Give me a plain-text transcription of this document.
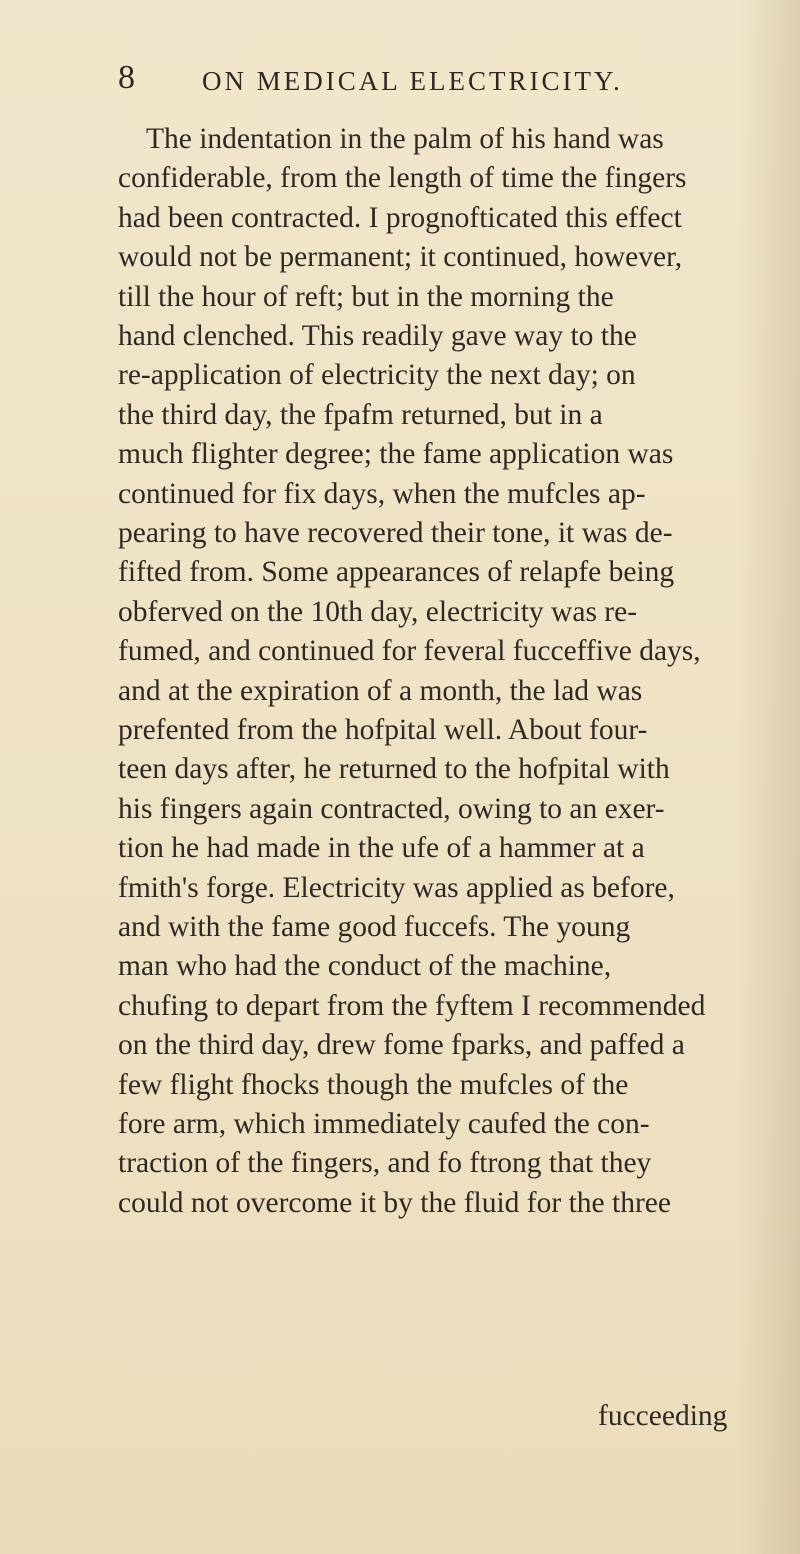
8 ON MEDICAL ELECTRICITY.
The indentation in the palm of his hand was
confiderable, from the length of time the fingers
had been contracted. I prognofticated this effect
would not be permanent; it continued, however,
till the hour of reft; but in the morning the
hand clenched. This readily gave way to the
re-application of electricity the next day; on
the third day, the fpafm returned, but in a
much flighter degree; the fame application was
continued for fix days, when the mufcles ap-
pearing to have recovered their tone, it was de-
fifted from. Some appearances of relapfe being
obferved on the 10th day, electricity was re-
fumed, and continued for feveral fucceffive days,
and at the expiration of a month, the lad was
prefented from the hofpital well. About four-
teen days after, he returned to the hofpital with
his fingers again contracted, owing to an exer-
tion he had made in the ufe of a hammer at a
fmith's forge. Electricity was applied as before,
and with the fame good fuccefs. The young
man who had the conduct of the machine,
chufing to depart from the fyftem I recommended
on the third day, drew fome fparks, and paffed a
few flight fhocks though the mufcles of the
fore arm, which immediately caufed the con-
traction of the fingers, and fo ftrong that they
could not overcome it by the fluid for the three
fucceeding
